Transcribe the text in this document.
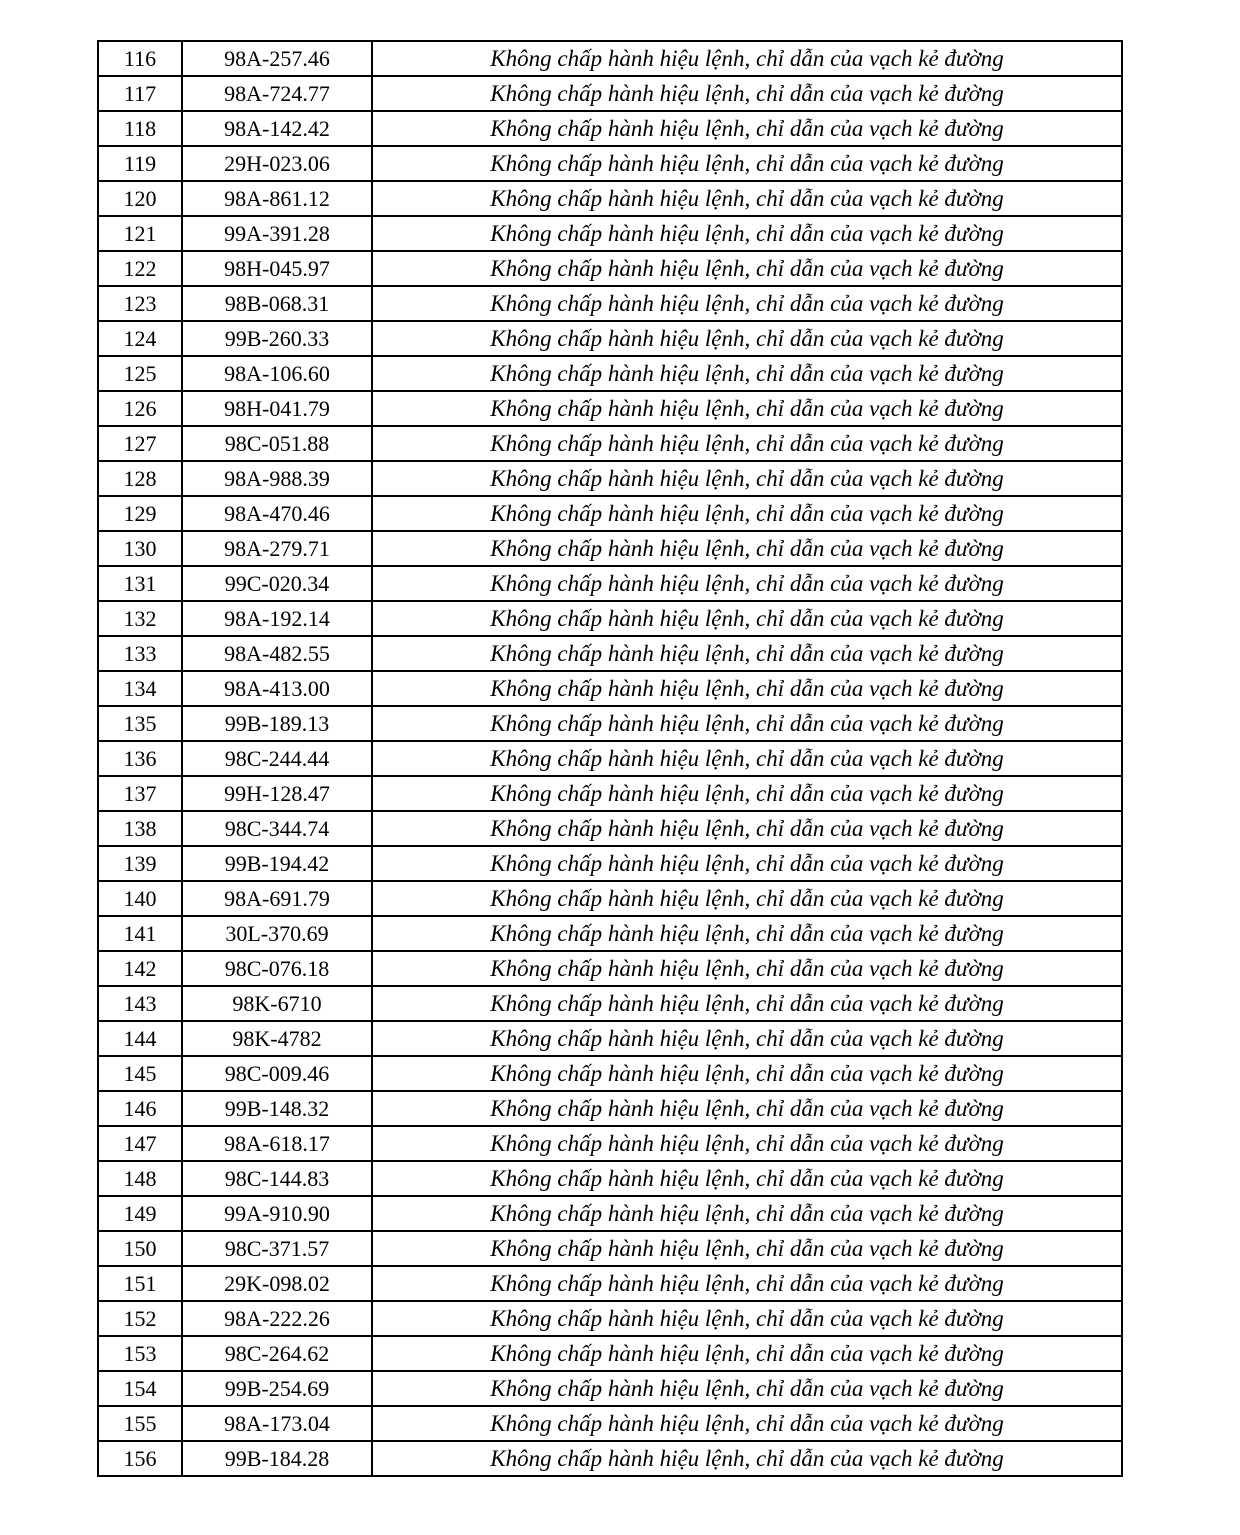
116	98A-257.46	Không chấp hành hiệu lệnh, chỉ dẫn của vạch kẻ đường
117	98A-724.77	Không chấp hành hiệu lệnh, chỉ dẫn của vạch kẻ đường
118	98A-142.42	Không chấp hành hiệu lệnh, chỉ dẫn của vạch kẻ đường
119	29H-023.06	Không chấp hành hiệu lệnh, chỉ dẫn của vạch kẻ đường
120	98A-861.12	Không chấp hành hiệu lệnh, chỉ dẫn của vạch kẻ đường
121	99A-391.28	Không chấp hành hiệu lệnh, chỉ dẫn của vạch kẻ đường
122	98H-045.97	Không chấp hành hiệu lệnh, chỉ dẫn của vạch kẻ đường
123	98B-068.31	Không chấp hành hiệu lệnh, chỉ dẫn của vạch kẻ đường
124	99B-260.33	Không chấp hành hiệu lệnh, chỉ dẫn của vạch kẻ đường
125	98A-106.60	Không chấp hành hiệu lệnh, chỉ dẫn của vạch kẻ đường
126	98H-041.79	Không chấp hành hiệu lệnh, chỉ dẫn của vạch kẻ đường
127	98C-051.88	Không chấp hành hiệu lệnh, chỉ dẫn của vạch kẻ đường
128	98A-988.39	Không chấp hành hiệu lệnh, chỉ dẫn của vạch kẻ đường
129	98A-470.46	Không chấp hành hiệu lệnh, chỉ dẫn của vạch kẻ đường
130	98A-279.71	Không chấp hành hiệu lệnh, chỉ dẫn của vạch kẻ đường
131	99C-020.34	Không chấp hành hiệu lệnh, chỉ dẫn của vạch kẻ đường
132	98A-192.14	Không chấp hành hiệu lệnh, chỉ dẫn của vạch kẻ đường
133	98A-482.55	Không chấp hành hiệu lệnh, chỉ dẫn của vạch kẻ đường
134	98A-413.00	Không chấp hành hiệu lệnh, chỉ dẫn của vạch kẻ đường
135	99B-189.13	Không chấp hành hiệu lệnh, chỉ dẫn của vạch kẻ đường
136	98C-244.44	Không chấp hành hiệu lệnh, chỉ dẫn của vạch kẻ đường
137	99H-128.47	Không chấp hành hiệu lệnh, chỉ dẫn của vạch kẻ đường
138	98C-344.74	Không chấp hành hiệu lệnh, chỉ dẫn của vạch kẻ đường
139	99B-194.42	Không chấp hành hiệu lệnh, chỉ dẫn của vạch kẻ đường
140	98A-691.79	Không chấp hành hiệu lệnh, chỉ dẫn của vạch kẻ đường
141	30L-370.69	Không chấp hành hiệu lệnh, chỉ dẫn của vạch kẻ đường
142	98C-076.18	Không chấp hành hiệu lệnh, chỉ dẫn của vạch kẻ đường
143	98K-6710	Không chấp hành hiệu lệnh, chỉ dẫn của vạch kẻ đường
144	98K-4782	Không chấp hành hiệu lệnh, chỉ dẫn của vạch kẻ đường
145	98C-009.46	Không chấp hành hiệu lệnh, chỉ dẫn của vạch kẻ đường
146	99B-148.32	Không chấp hành hiệu lệnh, chỉ dẫn của vạch kẻ đường
147	98A-618.17	Không chấp hành hiệu lệnh, chỉ dẫn của vạch kẻ đường
148	98C-144.83	Không chấp hành hiệu lệnh, chỉ dẫn của vạch kẻ đường
149	99A-910.90	Không chấp hành hiệu lệnh, chỉ dẫn của vạch kẻ đường
150	98C-371.57	Không chấp hành hiệu lệnh, chỉ dẫn của vạch kẻ đường
151	29K-098.02	Không chấp hành hiệu lệnh, chỉ dẫn của vạch kẻ đường
152	98A-222.26	Không chấp hành hiệu lệnh, chỉ dẫn của vạch kẻ đường
153	98C-264.62	Không chấp hành hiệu lệnh, chỉ dẫn của vạch kẻ đường
154	99B-254.69	Không chấp hành hiệu lệnh, chỉ dẫn của vạch kẻ đường
155	98A-173.04	Không chấp hành hiệu lệnh, chỉ dẫn của vạch kẻ đường
156	99B-184.28	Không chấp hành hiệu lệnh, chỉ dẫn của vạch kẻ đường
